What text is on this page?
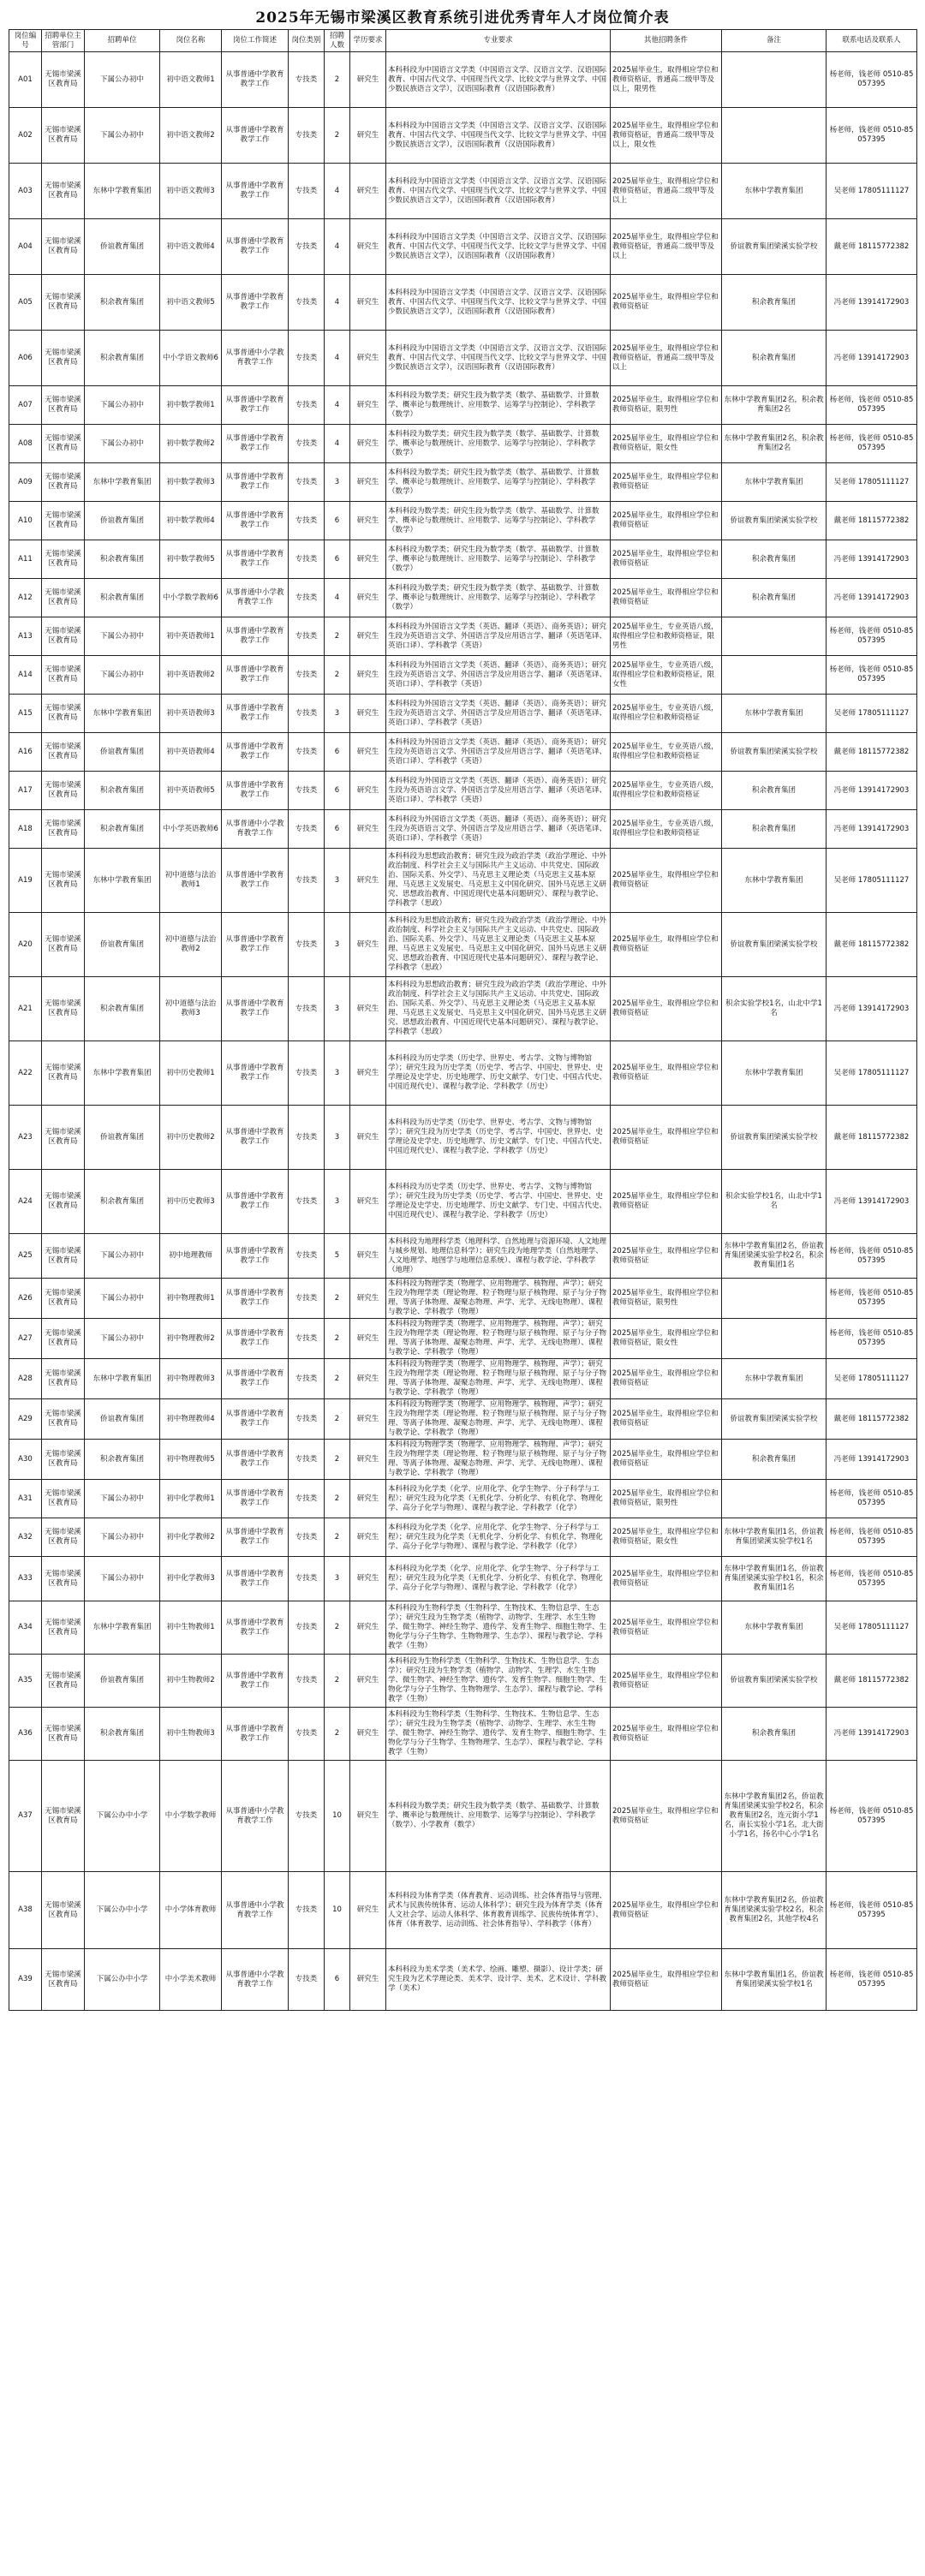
2025年无锡市梁溪区教育系统引进优秀青年人才岗位简介表
岗位编号	招聘单位主管部门	招聘单位	岗位名称	岗位工作简述	岗位类别	招聘人数	学历要求	专业要求	其他招聘条件	备注	联系电话及联系人
A01	无锡市梁溪区教育局	下属公办初中	初中语文教师1	从事普通中学教育教学工作	专技类	2	研究生	本科科段为中国语言文学类（中国语言文学、汉语言文学、汉语国际教育、中国古代文学、中国现当代文学、比较文学与世界文学、中国少数民族语言文学），汉语国际教育（汉语国际教育）	2025届毕业生，取得相应学位和教师资格证，普通高二级甲等及以上，限男性		杨老师，钱老师 0510-85057395
A02	无锡市梁溪区教育局	下属公办初中	初中语文教师2	从事普通中学教育教学工作	专技类	2	研究生	本科科段为中国语言文学类（中国语言文学、汉语言文学、汉语国际教育、中国古代文学、中国现当代文学、比较文学与世界文学、中国少数民族语言文学），汉语国际教育（汉语国际教育）	2025届毕业生，取得相应学位和教师资格证，普通高二级甲等及以上，限女性		杨老师，钱老师 0510-85057395
A03	无锡市梁溪区教育局	东林中学教育集团	初中语文教师3	从事普通中学教育教学工作	专技类	4	研究生	本科科段为中国语言文学类（中国语言文学、汉语言文学、汉语国际教育、中国古代文学、中国现当代文学、比较文学与世界文学、中国少数民族语言文学），汉语国际教育（汉语国际教育）	2025届毕业生，取得相应学位和教师资格证，普通高二级甲等及以上	东林中学教育集团	吴老师 17805111127
A04	无锡市梁溪区教育局	侨谊教育集团	初中语文教师4	从事普通中学教育教学工作	专技类	4	研究生	本科科段为中国语言文学类（中国语言文学、汉语言文学、汉语国际教育、中国古代文学、中国现当代文学、比较文学与世界文学、中国少数民族语言文学），汉语国际教育（汉语国际教育）	2025届毕业生，取得相应学位和教师资格证，普通高二级甲等及以上	侨谊教育集团梁溪实验学校	戴老师 18115772382
A05	无锡市梁溪区教育局	积余教育集团	初中语文教师5	从事普通中学教育教学工作	专技类	4	研究生	本科科段为中国语言文学类（中国语言文学、汉语言文学、汉语国际教育、中国古代文学、中国现当代文学、比较文学与世界文学、中国少数民族语言文学），汉语国际教育（汉语国际教育）	2025届毕业生，取得相应学位和教师资格证	积余教育集团	冯老师 13914172903
A06	无锡市梁溪区教育局	积余教育集团	中小学语文教师6	从事普通中小学教育教学工作	专技类	4	研究生	本科科段为中国语言文学类（中国语言文学、汉语言文学、汉语国际教育、中国古代文学、中国现当代文学、比较文学与世界文学、中国少数民族语言文学），汉语国际教育（汉语国际教育）	2025届毕业生，取得相应学位和教师资格证，普通高二级甲等及以上	积余教育集团	冯老师 13914172903
A07	无锡市梁溪区教育局	下属公办初中	初中数学教师1	从事普通中学教育教学工作	专技类	4	研究生	本科科段为数学类；研究生段为数学类（数学、基础数学、计算数学、概率论与数理统计、应用数学、运筹学与控制论）、学科教学（数学）	2025届毕业生，取得相应学位和教师资格证，限男性	东林中学教育集团2名，积余教育集团2名	杨老师，钱老师 0510-85057395
A08	无锡市梁溪区教育局	下属公办初中	初中数学教师2	从事普通中学教育教学工作	专技类	4	研究生	本科科段为数学类；研究生段为数学类（数学、基础数学、计算数学、概率论与数理统计、应用数学、运筹学与控制论）、学科教学（数学）	2025届毕业生，取得相应学位和教师资格证，限女性	东林中学教育集团2名，积余教育集团2名	杨老师，钱老师 0510-85057395
A09	无锡市梁溪区教育局	东林中学教育集团	初中数学教师3	从事普通中学教育教学工作	专技类	3	研究生	本科科段为数学类；研究生段为数学类（数学、基础数学、计算数学、概率论与数理统计、应用数学、运筹学与控制论）、学科教学（数学）	2025届毕业生，取得相应学位和教师资格证	东林中学教育集团	吴老师 17805111127
A10	无锡市梁溪区教育局	侨谊教育集团	初中数学教师4	从事普通中学教育教学工作	专技类	6	研究生	本科科段为数学类；研究生段为数学类（数学、基础数学、计算数学、概率论与数理统计、应用数学、运筹学与控制论）、学科教学（数学）	2025届毕业生，取得相应学位和教师资格证	侨谊教育集团梁溪实验学校	戴老师 18115772382
A11	无锡市梁溪区教育局	积余教育集团	初中数学教师5	从事普通中学教育教学工作	专技类	6	研究生	本科科段为数学类；研究生段为数学类（数学、基础数学、计算数学、概率论与数理统计、应用数学、运筹学与控制论）、学科教学（数学）	2025届毕业生，取得相应学位和教师资格证	积余教育集团	冯老师 13914172903
A12	无锡市梁溪区教育局	积余教育集团	中小学数学教师6	从事普通中小学教育教学工作	专技类	4	研究生	本科科段为数学类；研究生段为数学类（数学、基础数学、计算数学、概率论与数理统计、应用数学、运筹学与控制论）、学科教学（数学）	2025届毕业生，取得相应学位和教师资格证	积余教育集团	冯老师 13914172903
A13	无锡市梁溪区教育局	下属公办初中	初中英语教师1	从事普通中学教育教学工作	专技类	2	研究生	本科科段为外国语言文学类（英语、翻译（英语）、商务英语）；研究生段为英语语言文学、外国语言学及应用语言学、翻译（英语笔译、英语口译）、学科教学（英语）	2025届毕业生，专业英语八级，取得相应学位和教师资格证，限男性		杨老师，钱老师 0510-85057395
A14	无锡市梁溪区教育局	下属公办初中	初中英语教师2	从事普通中学教育教学工作	专技类	2	研究生	本科科段为外国语言文学类（英语、翻译（英语）、商务英语）；研究生段为英语语言文学、外国语言学及应用语言学、翻译（英语笔译、英语口译）、学科教学（英语）	2025届毕业生，专业英语八级，取得相应学位和教师资格证，限女性		杨老师，钱老师 0510-85057395
A15	无锡市梁溪区教育局	东林中学教育集团	初中英语教师3	从事普通中学教育教学工作	专技类	3	研究生	本科科段为外国语言文学类（英语、翻译（英语）、商务英语）；研究生段为英语语言文学、外国语言学及应用语言学、翻译（英语笔译、英语口译）、学科教学（英语）	2025届毕业生，专业英语八级，取得相应学位和教师资格证	东林中学教育集团	吴老师 17805111127
A16	无锡市梁溪区教育局	侨谊教育集团	初中英语教师4	从事普通中学教育教学工作	专技类	6	研究生	本科科段为外国语言文学类（英语、翻译（英语）、商务英语）；研究生段为英语语言文学、外国语言学及应用语言学、翻译（英语笔译、英语口译）、学科教学（英语）	2025届毕业生，专业英语八级，取得相应学位和教师资格证	侨谊教育集团梁溪实验学校	戴老师 18115772382
A17	无锡市梁溪区教育局	积余教育集团	初中英语教师5	从事普通中学教育教学工作	专技类	6	研究生	本科科段为外国语言文学类（英语、翻译（英语）、商务英语）；研究生段为英语语言文学、外国语言学及应用语言学、翻译（英语笔译、英语口译）、学科教学（英语）	2025届毕业生，专业英语八级，取得相应学位和教师资格证	积余教育集团	冯老师 13914172903
A18	无锡市梁溪区教育局	积余教育集团	中小学英语教师6	从事普通中小学教育教学工作	专技类	6	研究生	本科科段为外国语言文学类（英语、翻译（英语）、商务英语）；研究生段为英语语言文学、外国语言学及应用语言学、翻译（英语笔译、英语口译）、学科教学（英语）	2025届毕业生，专业英语八级，取得相应学位和教师资格证	积余教育集团	冯老师 13914172903
A19	无锡市梁溪区教育局	东林中学教育集团	初中道德与法治教师1	从事普通中学教育教学工作	专技类	3	研究生	本科科段为思想政治教育；研究生段为政治学类（政治学理论、中外政治制度、科学社会主义与国际共产主义运动、中共党史、国际政治、国际关系、外交学）、马克思主义理论类（马克思主义基本原理、马克思主义发展史、马克思主义中国化研究、国外马克思主义研究、思想政治教育、中国近现代史基本问题研究）、课程与教学论、学科教学（思政）	2025届毕业生，取得相应学位和教师资格证	东林中学教育集团	吴老师 17805111127
A20	无锡市梁溪区教育局	侨谊教育集团	初中道德与法治教师2	从事普通中学教育教学工作	专技类	3	研究生	本科科段为思想政治教育；研究生段为政治学类（政治学理论、中外政治制度、科学社会主义与国际共产主义运动、中共党史、国际政治、国际关系、外交学）、马克思主义理论类（马克思主义基本原理、马克思主义发展史、马克思主义中国化研究、国外马克思主义研究、思想政治教育、中国近现代史基本问题研究）、课程与教学论、学科教学（思政）	2025届毕业生，取得相应学位和教师资格证	侨谊教育集团梁溪实验学校	戴老师 18115772382
A21	无锡市梁溪区教育局	积余教育集团	初中道德与法治教师3	从事普通中学教育教学工作	专技类	3	研究生	本科科段为思想政治教育；研究生段为政治学类（政治学理论、中外政治制度、科学社会主义与国际共产主义运动、中共党史、国际政治、国际关系、外交学）、马克思主义理论类（马克思主义基本原理、马克思主义发展史、马克思主义中国化研究、国外马克思主义研究、思想政治教育、中国近现代史基本问题研究）、课程与教学论、学科教学（思政）	2025届毕业生，取得相应学位和教师资格证	积余实验学校1名，山北中学1名	冯老师 13914172903
A22	无锡市梁溪区教育局	东林中学教育集团	初中历史教师1	从事普通中学教育教学工作	专技类	3	研究生	本科科段为历史学类（历史学、世界史、考古学、文物与博物馆学）；研究生段为历史学类（历史学、考古学、中国史、世界史、史学理论及史学史、历史地理学、历史文献学、专门史、中国古代史、中国近现代史）、课程与教学论、学科教学（历史）	2025届毕业生，取得相应学位和教师资格证	东林中学教育集团	吴老师 17805111127
A23	无锡市梁溪区教育局	侨谊教育集团	初中历史教师2	从事普通中学教育教学工作	专技类	3	研究生	本科科段为历史学类（历史学、世界史、考古学、文物与博物馆学）；研究生段为历史学类（历史学、考古学、中国史、世界史、史学理论及史学史、历史地理学、历史文献学、专门史、中国古代史、中国近现代史）、课程与教学论、学科教学（历史）	2025届毕业生，取得相应学位和教师资格证	侨谊教育集团梁溪实验学校	戴老师 18115772382
A24	无锡市梁溪区教育局	积余教育集团	初中历史教师3	从事普通中学教育教学工作	专技类	3	研究生	本科科段为历史学类（历史学、世界史、考古学、文物与博物馆学）；研究生段为历史学类（历史学、考古学、中国史、世界史、史学理论及史学史、历史地理学、历史文献学、专门史、中国古代史、中国近现代史）、课程与教学论、学科教学（历史）	2025届毕业生，取得相应学位和教师资格证	积余实验学校1名，山北中学1名	冯老师 13914172903
A25	无锡市梁溪区教育局	下属公办初中	初中地理教师	从事普通中学教育教学工作	专技类	5	研究生	本科科段为地理科学类（地理科学、自然地理与资源环境、人文地理与城乡规划、地理信息科学）；研究生段为地理学类（自然地理学、人文地理学、地图学与地理信息系统）、课程与教学论、学科教学（地理）	2025届毕业生，取得相应学位和教师资格证	东林中学教育集团2名，侨谊教育集团梁溪实验学校2名，积余教育集团1名	杨老师，钱老师 0510-85057395
A26	无锡市梁溪区教育局	下属公办初中	初中物理教师1	从事普通中学教育教学工作	专技类	2	研究生	本科科段为物理学类（物理学、应用物理学、核物理、声学）；研究生段为物理学类（理论物理、粒子物理与原子核物理、原子与分子物理、等离子体物理、凝聚态物理、声学、光学、无线电物理）、课程与教学论、学科教学（物理）	2025届毕业生，取得相应学位和教师资格证，限男性		杨老师，钱老师 0510-85057395
A27	无锡市梁溪区教育局	下属公办初中	初中物理教师2	从事普通中学教育教学工作	专技类	2	研究生	本科科段为物理学类（物理学、应用物理学、核物理、声学）；研究生段为物理学类（理论物理、粒子物理与原子核物理、原子与分子物理、等离子体物理、凝聚态物理、声学、光学、无线电物理）、课程与教学论、学科教学（物理）	2025届毕业生，取得相应学位和教师资格证，限女性		杨老师，钱老师 0510-85057395
A28	无锡市梁溪区教育局	东林中学教育集团	初中物理教师3	从事普通中学教育教学工作	专技类	2	研究生	本科科段为物理学类（物理学、应用物理学、核物理、声学）；研究生段为物理学类（理论物理、粒子物理与原子核物理、原子与分子物理、等离子体物理、凝聚态物理、声学、光学、无线电物理）、课程与教学论、学科教学（物理）	2025届毕业生，取得相应学位和教师资格证	东林中学教育集团	吴老师 17805111127
A29	无锡市梁溪区教育局	侨谊教育集团	初中物理教师4	从事普通中学教育教学工作	专技类	2	研究生	本科科段为物理学类（物理学、应用物理学、核物理、声学）；研究生段为物理学类（理论物理、粒子物理与原子核物理、原子与分子物理、等离子体物理、凝聚态物理、声学、光学、无线电物理）、课程与教学论、学科教学（物理）	2025届毕业生，取得相应学位和教师资格证	侨谊教育集团梁溪实验学校	戴老师 18115772382
A30	无锡市梁溪区教育局	积余教育集团	初中物理教师5	从事普通中学教育教学工作	专技类	2	研究生	本科科段为物理学类（物理学、应用物理学、核物理、声学）；研究生段为物理学类（理论物理、粒子物理与原子核物理、原子与分子物理、等离子体物理、凝聚态物理、声学、光学、无线电物理）、课程与教学论、学科教学（物理）	2025届毕业生，取得相应学位和教师资格证	积余教育集团	冯老师 13914172903
A31	无锡市梁溪区教育局	下属公办初中	初中化学教师1	从事普通中学教育教学工作	专技类	2	研究生	本科科段为化学类（化学、应用化学、化学生物学、分子科学与工程）；研究生段为化学类（无机化学、分析化学、有机化学、物理化学、高分子化学与物理）、课程与教学论、学科教学（化学）	2025届毕业生，取得相应学位和教师资格证，限男性		杨老师，钱老师 0510-85057395
A32	无锡市梁溪区教育局	下属公办初中	初中化学教师2	从事普通中学教育教学工作	专技类	2	研究生	本科科段为化学类（化学、应用化学、化学生物学、分子科学与工程）；研究生段为化学类（无机化学、分析化学、有机化学、物理化学、高分子化学与物理）、课程与教学论、学科教学（化学）	2025届毕业生，取得相应学位和教师资格证，限女性	东林中学教育集团1名，侨谊教育集团梁溪实验学校1名	杨老师，钱老师 0510-85057395
A33	无锡市梁溪区教育局	下属公办初中	初中化学教师3	从事普通中学教育教学工作	专技类	3	研究生	本科科段为化学类（化学、应用化学、化学生物学、分子科学与工程）；研究生段为化学类（无机化学、分析化学、有机化学、物理化学、高分子化学与物理）、课程与教学论、学科教学（化学）	2025届毕业生，取得相应学位和教师资格证	东林中学教育集团1名，侨谊教育集团梁溪实验学校1名，积余教育集团1名	杨老师，钱老师 0510-85057395
A34	无锡市梁溪区教育局	东林中学教育集团	初中生物教师1	从事普通中学教育教学工作	专技类	2	研究生	本科科段为生物科学类（生物科学、生物技术、生物信息学、生态学）；研究生段为生物学类（植物学、动物学、生理学、水生生物学、微生物学、神经生物学、遗传学、发育生物学、细胞生物学、生物化学与分子生物学、生物物理学、生态学）、课程与教学论、学科教学（生物）	2025届毕业生，取得相应学位和教师资格证	东林中学教育集团	吴老师 17805111127
A35	无锡市梁溪区教育局	侨谊教育集团	初中生物教师2	从事普通中学教育教学工作	专技类	2	研究生	本科科段为生物科学类（生物科学、生物技术、生物信息学、生态学）；研究生段为生物学类（植物学、动物学、生理学、水生生物学、微生物学、神经生物学、遗传学、发育生物学、细胞生物学、生物化学与分子生物学、生物物理学、生态学）、课程与教学论、学科教学（生物）	2025届毕业生，取得相应学位和教师资格证	侨谊教育集团梁溪实验学校	戴老师 18115772382
A36	无锡市梁溪区教育局	积余教育集团	初中生物教师3	从事普通中学教育教学工作	专技类	2	研究生	本科科段为生物科学类（生物科学、生物技术、生物信息学、生态学）；研究生段为生物学类（植物学、动物学、生理学、水生生物学、微生物学、神经生物学、遗传学、发育生物学、细胞生物学、生物化学与分子生物学、生物物理学、生态学）、课程与教学论、学科教学（生物）	2025届毕业生，取得相应学位和教师资格证	积余教育集团	冯老师 13914172903
A37	无锡市梁溪区教育局	下属公办中小学	中小学数学教师	从事普通中小学教育教学工作	专技类	10	研究生	本科科段为数学类；研究生段为数学类（数学、基础数学、计算数学、概率论与数理统计、应用数学、运筹学与控制论）、学科教学（数学）、小学教育（数学）	2025届毕业生，取得相应学位和教师资格证	东林中学教育集团2名，侨谊教育集团梁溪实验学校2名，积余教育集团2名，连元街小学1名，南长实验小学1名，北大街小学1名，扬名中心小学1名	杨老师，钱老师 0510-85057395
A38	无锡市梁溪区教育局	下属公办中小学	中小学体育教师	从事普通中小学教育教学工作	专技类	10	研究生	本科科段为体育学类（体育教育、运动训练、社会体育指导与管理、武术与民族传统体育、运动人体科学）；研究生段为体育学类（体育人文社会学、运动人体科学、体育教育训练学、民族传统体育学）、体育（体育教学、运动训练、社会体育指导）、学科教学（体育）	2025届毕业生，取得相应学位和教师资格证	东林中学教育集团2名，侨谊教育集团梁溪实验学校2名，积余教育集团2名，其他学校4名	杨老师，钱老师 0510-85057395
A39	无锡市梁溪区教育局	下属公办中小学	中小学美术教师	从事普通中小学教育教学工作	专技类	6	研究生	本科科段为美术学类（美术学、绘画、雕塑、摄影）、设计学类；研究生段为艺术学理论类、美术学、设计学、美术、艺术设计、学科教学（美术）	2025届毕业生，取得相应学位和教师资格证	东林中学教育集团1名，侨谊教育集团梁溪实验学校1名	杨老师，钱老师 0510-85057395
